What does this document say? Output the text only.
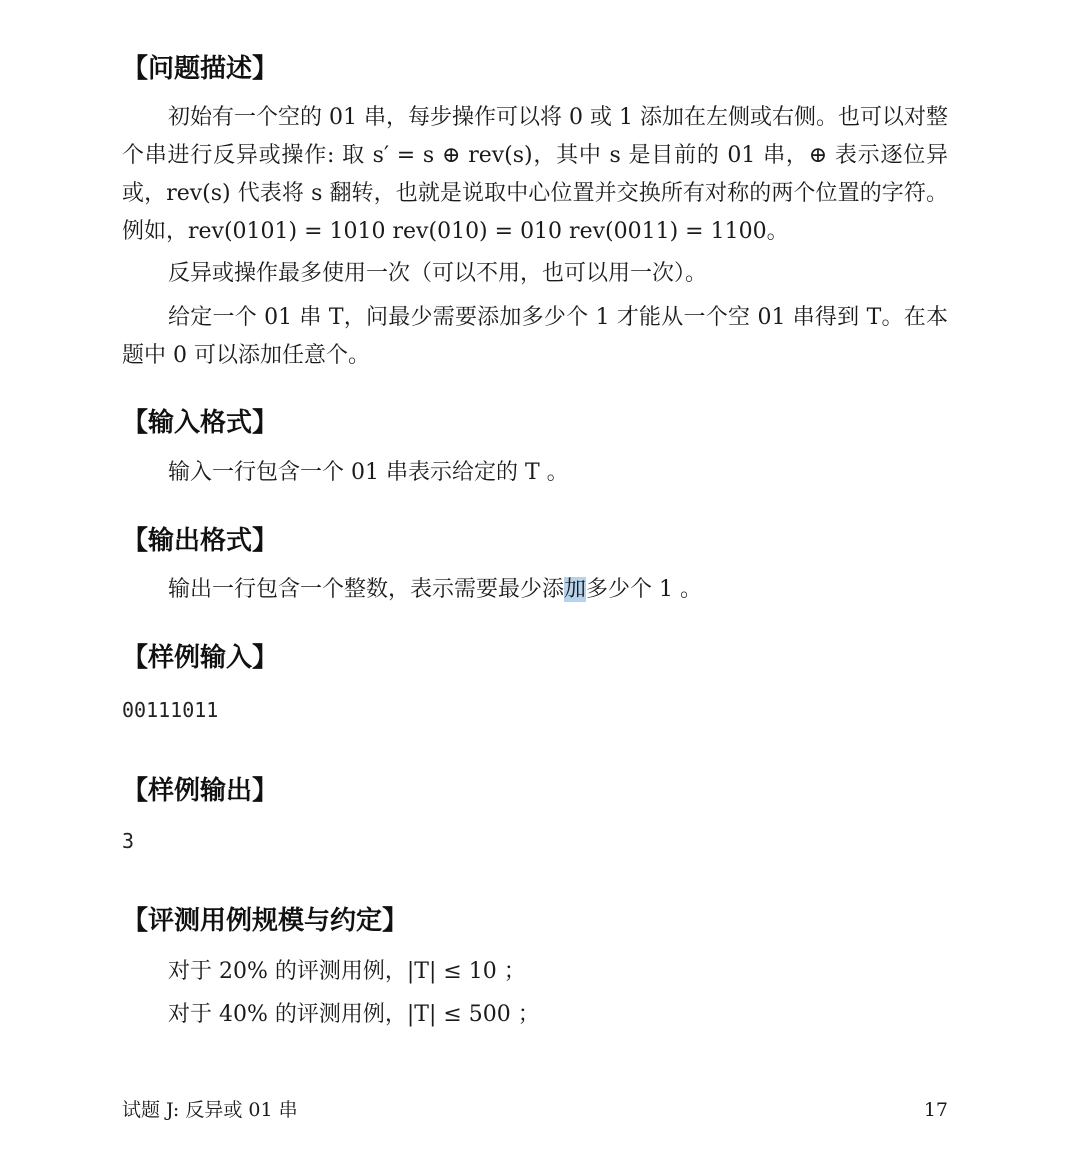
【问题描述】

初始有一个空的 01 串，每步操作可以将 0 或 1 添加在左侧或右侧。也可以对整个串进行反异或操作: 取 s′ = s ⊕ rev(s)，其中 s 是目前的 01 串，⊕ 表示逐位异或，rev(s) 代表将 s 翻转，也就是说取中心位置并交换所有对称的两个位置的字符。例如，rev(0101) = 1010 rev(010) = 010 rev(0011) = 1100。

反异或操作最多使用一次（可以不用，也可以用一次）。

给定一个 01 串 T，问最少需要添加多少个 1 才能从一个空 01 串得到 T。在本题中 0 可以添加任意个。

【输入格式】

输入一行包含一个 01 串表示给定的 T 。

【输出格式】

输出一行包含一个整数，表示需要最少添加多少个 1 。

【样例输入】
00111011
【样例输出】
3
【评测用例规模与约定】

对于 20% 的评测用例，|T| ≤ 10 ；

对于 40% 的评测用例，|T| ≤ 500 ；

试题 J: 反异或 01 串	17
